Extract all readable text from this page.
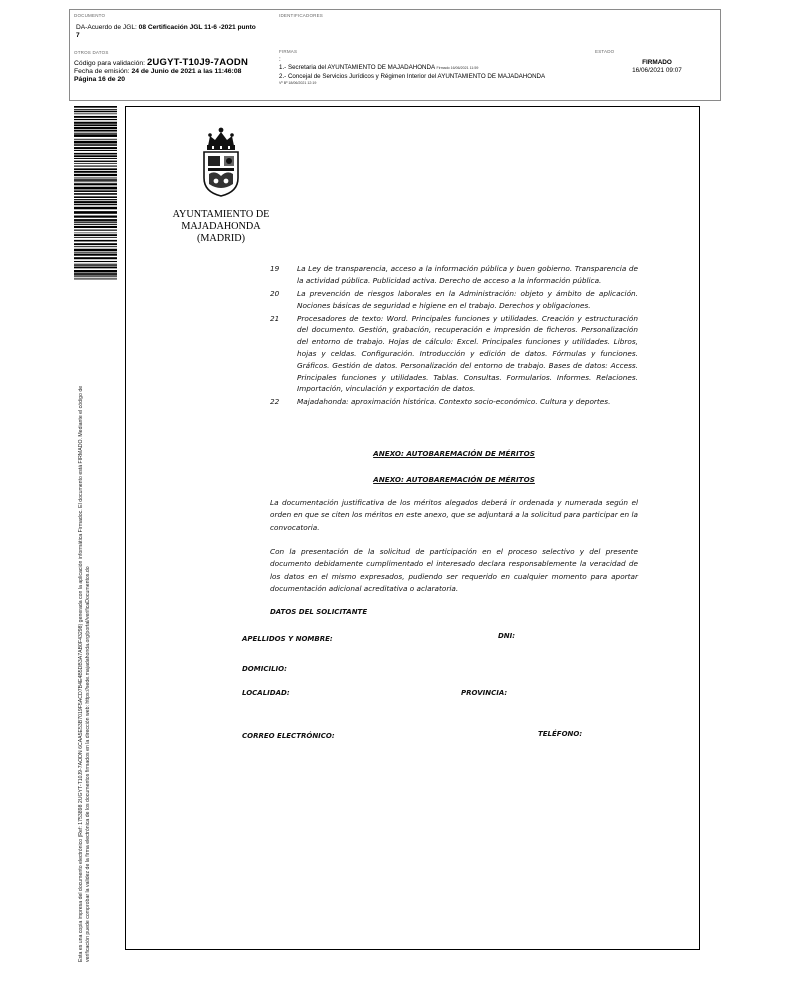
DOCUMENTO
DA-Acuerdo de JGL: 08 Certificación JGL 11-6 -2021 punto 7
IDENTIFICADORES
OTROS DATOS
Código para validación: 2UGYT-T10J9-7AODN
Fecha de emisión: 24 de Junio de 2021 a las 11:46:08
Página 16 de 20
FIRMAS
:
1.- Secretaria del AYUNTAMIENTO DE MAJADAHONDA Firmado 16/06/2021 11:59
2.- Concejal de Servicios Jurídicos y Régimen Interior del AYUNTAMIENTO DE MAJADAHONDA
Vº Bº 18/06/2021 12:19
ESTADO
FIRMADO
16/06/2021 09:07
Esta es una copia impresa del documento electrónico (Ref: 1753898 2UGYT-T10J9-7AODN 6CAA5E53B7019F5ACD7B4E4B5DB3A7AB0F43298) generada con la aplicación informática Firmadoc. El documento está FIRMADO. Mediante el código de verificación puede comprobar la validez de la firma electrónica de los documentos firmados en la dirección web: https://sede.majadahonda.org/portal/verificaDocumentos.do
AYUNTAMIENTO DE
MAJADAHONDA
(MADRID)
19	La Ley de transparencia, acceso a la información pública y buen gobierno. Transparencia de la actividad pública. Publicidad activa. Derecho de acceso a la información pública.
20	La prevención de riesgos laborales en la Administración: objeto y ámbito de aplicación. Nociones básicas de seguridad e higiene en el trabajo. Derechos y obligaciones.
21	Procesadores de texto: Word. Principales funciones y utilidades. Creación y estructuración del documento. Gestión, grabación, recuperación e impresión de ficheros. Personalización del entorno de trabajo. Hojas de cálculo: Excel. Principales funciones y utilidades. Libros, hojas y celdas. Configuración. Introducción y edición de datos. Fórmulas y funciones. Gráficos. Gestión de datos. Personalización del entorno de trabajo. Bases de datos: Access. Principales funciones y utilidades. Tablas. Consultas. Formularios. Informes. Relaciones. Importación, vinculación y exportación de datos.
22	Majadahonda: aproximación histórica. Contexto socio-económico. Cultura y deportes.
ANEXO: AUTOBAREMACIÓN DE MÉRITOS
ANEXO: AUTOBAREMACIÓN DE MÉRITOS
La documentación justificativa de los méritos alegados deberá ir ordenada y numerada según el orden en que se citen los méritos en este anexo, que se adjuntará a la solicitud para participar en la convocatoria.
Con la presentación de la solicitud de participación en el proceso selectivo y del presente documento debidamente cumplimentado el interesado declara responsablemente la veracidad de los datos en el mismo expresados, pudiendo ser requerido en cualquier momento para aportar documentación adicional acreditativa o aclaratoria.
DATOS DEL SOLICITANTE
APELLIDOS Y NOMBRE:	DNI:
DOMICILIO:
LOCALIDAD:	PROVINCIA:
CORREO ELECTRÓNICO:	TELÉFONO:
